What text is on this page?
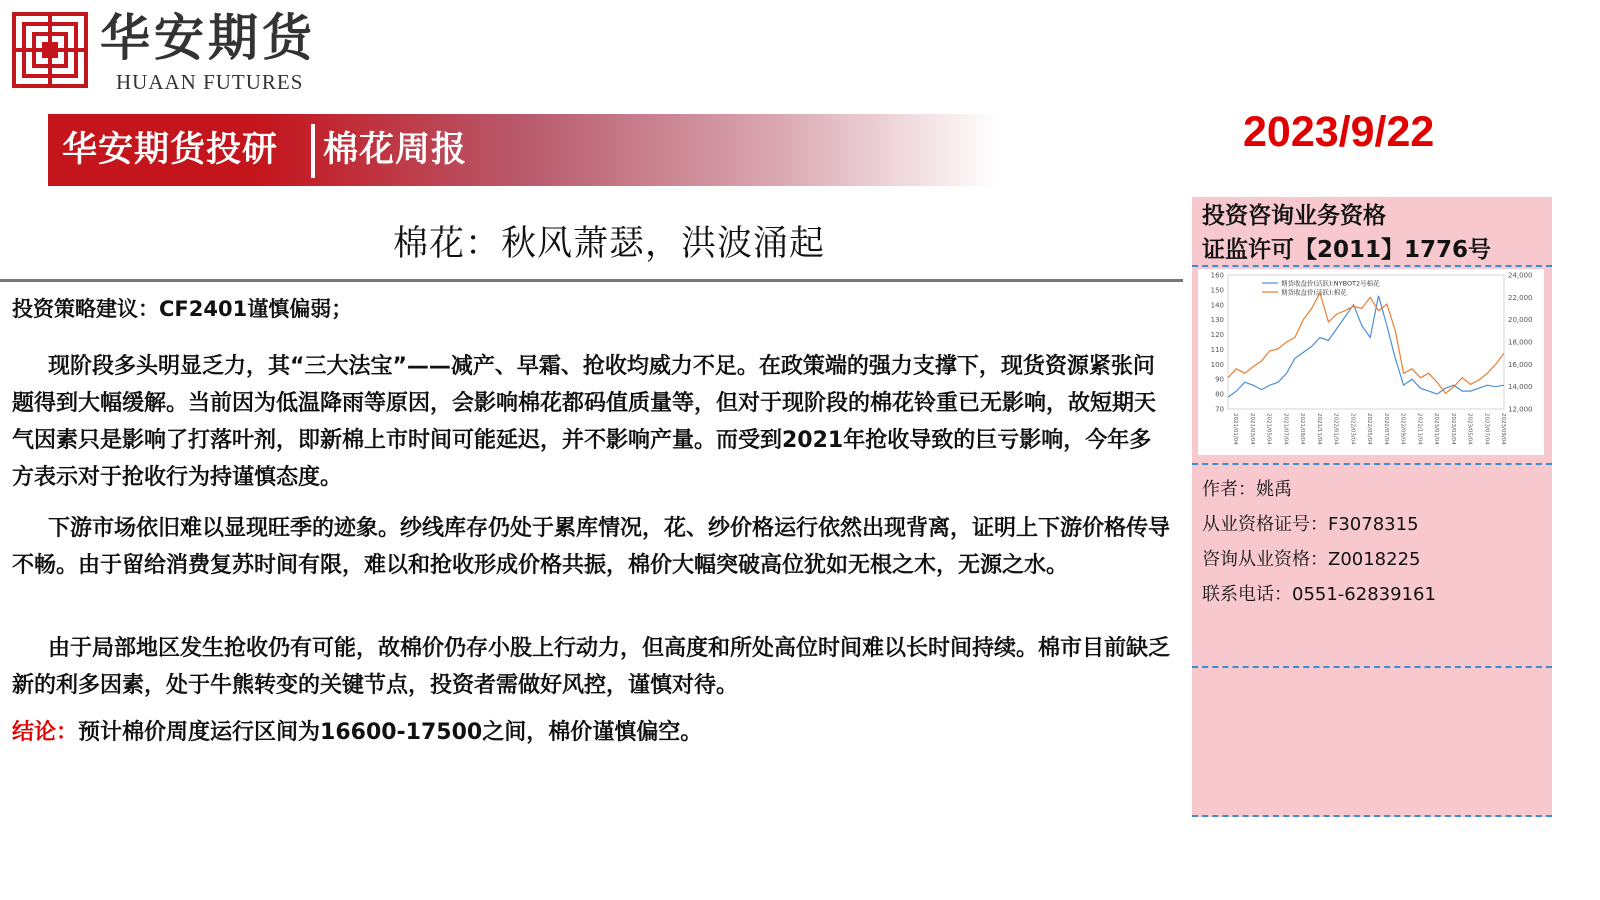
华安期货
HUAAN FUTURES
华安期货投研 棉花周报	2023/9/22
棉花：秋风萧瑟，洪波涌起
投资策略建议：CF2401谨慎偏弱；

现阶段多头明显乏力，其“三大法宝”——减产、早霜、抢收均威力不足。在政策端的强力支撑下，现货资源紧张问题得到大幅缓解。当前因为低温降雨等原因，会影响棉花都码值质量等，但对于现阶段的棉花铃重已无影响，故短期天气因素只是影响了打落叶剂，即新棉上市时间可能延迟，并不影响产量。而受到2021年抢收导致的巨亏影响，今年多方表示对于抢收行为持谨慎态度。

下游市场依旧难以显现旺季的迹象。纱线库存仍处于累库情况，花、纱价格运行依然出现背离，证明上下游价格传导不畅。由于留给消费复苏时间有限，难以和抢收形成价格共振，棉价大幅突破高位犹如无根之木，无源之水。

由于局部地区发生抢收仍有可能，故棉价仍存小股上行动力，但高度和所处高位时间难以长时间持续。棉市目前缺乏新的利多因素，处于牛熊转变的关键节点，投资者需做好风控，谨慎对待。

结论：预计棉价周度运行区间为16600-17500之间，棉价谨慎偏空。
投资咨询业务资格
证监许可【2011】1776号
160
150
140
130
120
110
100
90
80
70
24,000
22,000
20,000
18,000
16,000
14,000
12,000
2021/01/04 2021/03/04 2021/05/04 2021/07/04 2021/09/04 2021/11/04 2022/01/04 2022/03/04 2022/05/04 2022/07/04 2022/09/04 2022/11/04 2023/01/04 2023/03/04 2023/05/04 2023/07/04 2023/09/04
期货收盘价(活跃):NYBOT2号棉花
期货收盘价(活跃):棉花
作者：姚禹
从业资格证号：F3078315
咨询从业资格：Z0018225
联系电话：0551-62839161
